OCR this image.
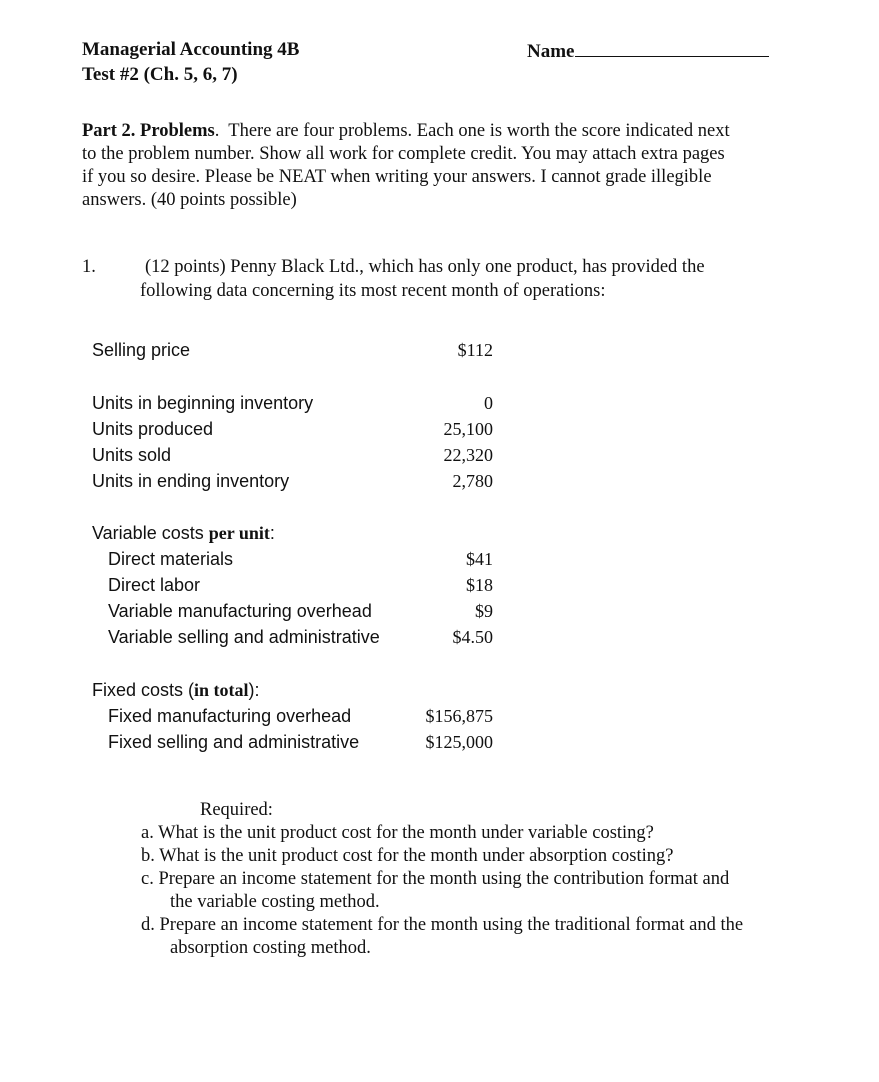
Managerial Accounting 4B
Test #2 (Ch. 5, 6, 7)
Name
Part 2. Problems. There are four problems. Each one is worth the score indicated next
to the problem number. Show all work for complete credit. You may attach extra pages
if you so desire. Please be NEAT when writing your answers. I cannot grade illegible
answers. (40 points possible)
1.	(12 points) Penny Black Ltd., which has only one product, has provided the
following data concerning its most recent month of operations:
Selling price	$112
Units in beginning inventory	0
Units produced	25,100
Units sold	22,320
Units in ending inventory	2,780
Variable costs per unit:
Direct materials	$41
Direct labor	$18
Variable manufacturing overhead	$9
Variable selling and administrative	$4.50
Fixed costs (in total):
Fixed manufacturing overhead	$156,875
Fixed selling and administrative	$125,000
Required:
a. What is the unit product cost for the month under variable costing?
b. What is the unit product cost for the month under absorption costing?
c. Prepare an income statement for the month using the contribution format and
the variable costing method.
d. Prepare an income statement for the month using the traditional format and the
absorption costing method.
